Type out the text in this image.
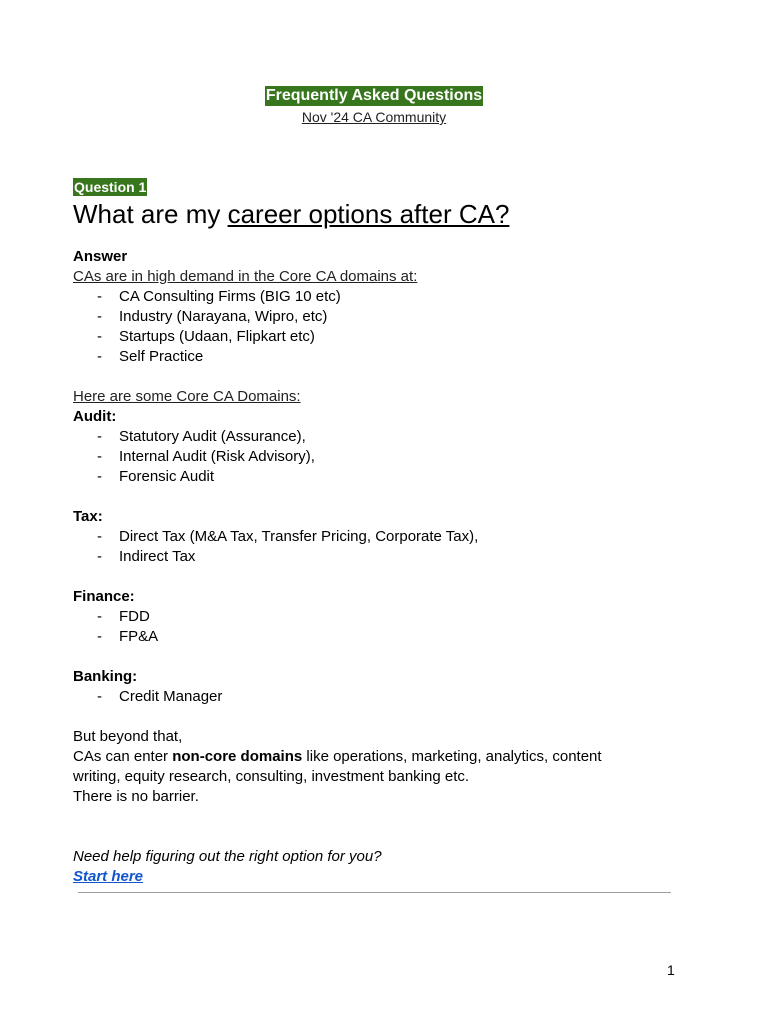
Frequently Asked Questions
Nov '24 CA Community
Question 1
What are my career options after CA?
Answer
CAs are in high demand in the Core CA domains at:
- CA Consulting Firms (BIG 10 etc)
- Industry (Narayana, Wipro, etc)
- Startups (Udaan, Flipkart etc)
- Self Practice
Here are some Core CA Domains:
Audit:
- Statutory Audit (Assurance),
- Internal Audit (Risk Advisory),
- Forensic Audit
Tax:
- Direct Tax (M&A Tax, Transfer Pricing, Corporate Tax),
- Indirect Tax
Finance:
- FDD
- FP&A
Banking:
- Credit Manager
But beyond that,
CAs can enter non-core domains like operations, marketing, analytics, content
writing, equity research, consulting, investment banking etc.
There is no barrier.
Need help figuring out the right option for you?
Start here
1
